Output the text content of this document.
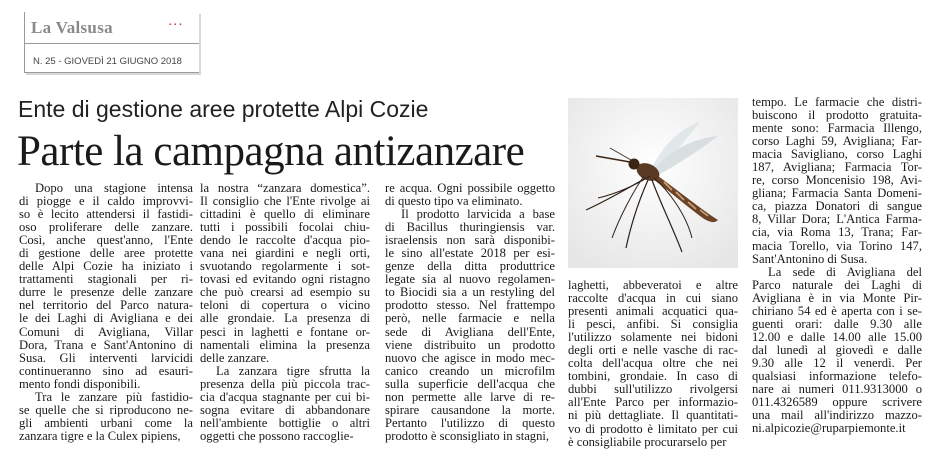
La Valsusa	▪▪▪
N. 25 - GIOVEDÌ 21 GIUGNO 2018
Ente di gestione aree protette Alpi Cozie
Parte la campagna antizanzare
Dopo una stagione intensa
di piogge e il caldo improvvi-
so è lecito attendersi il fastidi-
oso proliferare delle zanzare.
Così, anche quest'anno, l'Ente
di gestione delle aree protette
delle Alpi Cozie ha iniziato i
trattamenti stagionali per ri-
durre le presenze delle zanzare
nel territorio del Parco natura-
le dei Laghi di Avigliana e dei
Comuni di Avigliana, Villar
Dora, Trana e Sant'Antonino di
Susa. Gli interventi larvicidi
continueranno sino ad esauri-
mento fondi disponibili.
Tra le zanzare più fastidio-
se quelle che si riproducono ne-
gli ambienti urbani come la
zanzara tigre e la Culex pipiens,
la nostra “zanzara domestica”.
Il consiglio che l'Ente rivolge ai
cittadini è quello di eliminare
tutti i possibili focolai chiu-
dendo le raccolte d'acqua pio-
vana nei giardini e negli orti,
svuotando regolarmente i sot-
tovasi ed evitando ogni ristagno
che può crearsi ad esempio su
teloni di copertura o vicino
alle grondaie. La presenza di
pesci in laghetti e fontane or-
namentali elimina la presenza
delle zanzare.
La zanzara tigre sfrutta la
presenza della più piccola trac-
cia d'acqua stagnante per cui bi-
sogna evitare di abbandonare
nell'ambiente bottiglie o altri
oggetti che possono raccoglie-
re acqua. Ogni possibile oggetto
di questo tipo va eliminato.
Il prodotto larvicida a base
di Bacillus thuringiensis var.
israelensis non sarà disponibi-
le sino all'estate 2018 per esi-
genze della ditta produttrice
legate sia al nuovo regolamen-
to Biocidi sia a un restyling del
prodotto stesso. Nel frattempo
però, nelle farmacie e nella
sede di Avigliana dell'Ente,
viene distribuito un prodotto
nuovo che agisce in modo mec-
canico creando un microfilm
sulla superficie dell'acqua che
non permette alle larve di re-
spirare causandone la morte.
Pertanto l'utilizzo di questo
prodotto è sconsigliato in stagni,
laghetti, abbeveratoi e altre
raccolte d'acqua in cui siano
presenti animali acquatici qua-
li pesci, anfibi. Si consiglia
l'utilizzo solamente nei bidoni
degli orti e nelle vasche di rac-
colta dell'acqua oltre che nei
tombini, grondaie. In caso di
dubbi sull'utilizzo rivolgersi
all'Ente Parco per informazio-
ni più dettagliate. Il quantitati-
vo di prodotto è limitato per cui
è consigliabile procurarselo per
tempo. Le farmacie che distri-
buiscono il prodotto gratuita-
mente sono: Farmacia Illengo,
corso Laghi 59, Avigliana; Far-
macia Savigliano, corso Laghi
187, Avigliana; Farmacia Tor-
re, corso Moncenisio 198, Avi-
gliana; Farmacia Santa Domeni-
ca, piazza Donatori di sangue
8, Villar Dora; L'Antica Farma-
cia, via Roma 13, Trana; Far-
macia Torello, via Torino 147,
Sant'Antonino di Susa.
La sede di Avigliana del
Parco naturale dei Laghi di
Avigliana è in via Monte Pir-
chiriano 54 ed è aperta con i se-
guenti orari: dalle 9.30 alle
12.00 e dalle 14.00 alle 15.00
dal lunedì al giovedì e dalle
9.30 alle 12 il venerdì. Per
qualsiasi informazione telefo-
nare ai numeri 011.9313000 o
011.4326589 oppure scrivere
una mail all'indirizzo mazzo-
ni.alpicozie@ruparpiemonte.it
